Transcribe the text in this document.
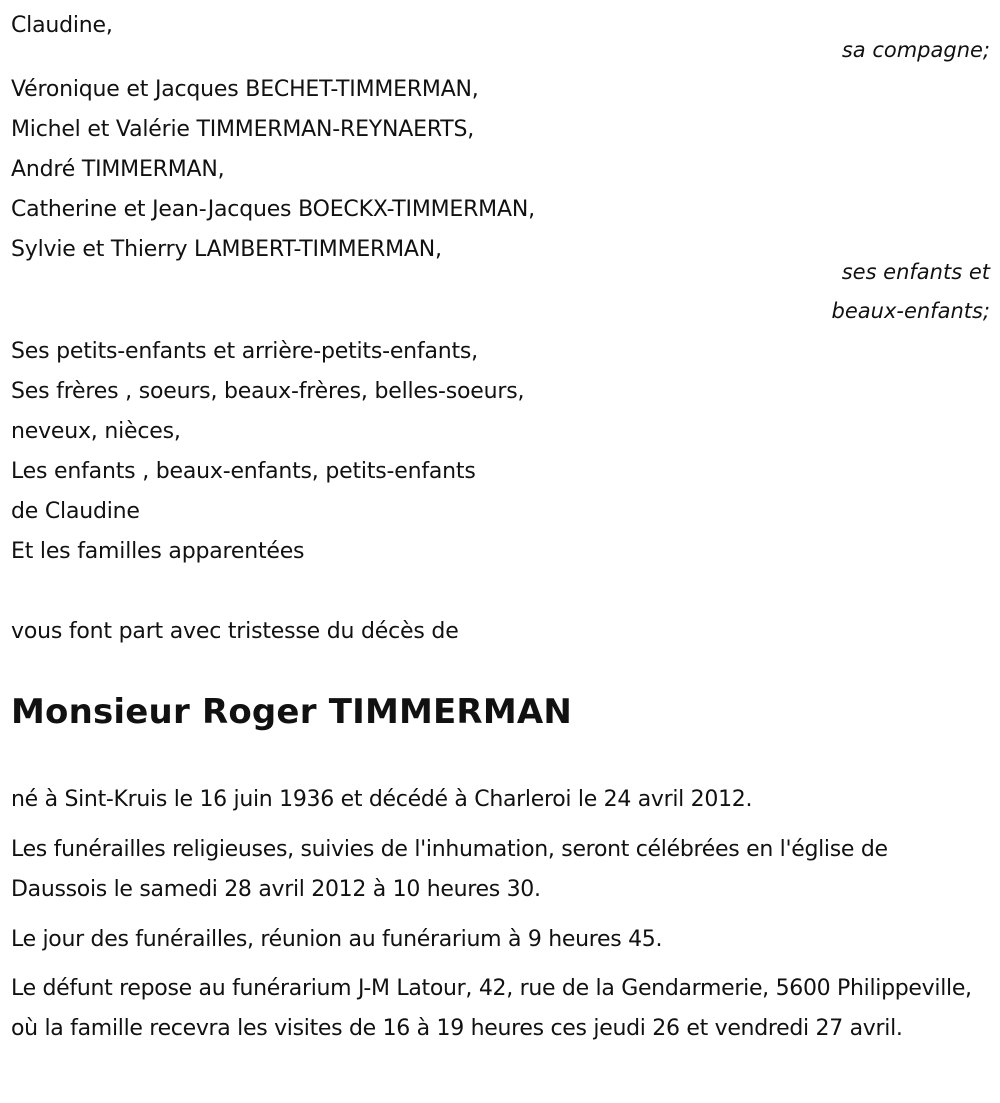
Claudine,
sa compagne;
Véronique et Jacques BECHET-TIMMERMAN,
Michel et Valérie TIMMERMAN-REYNAERTS,
André TIMMERMAN,
Catherine et Jean-Jacques BOECKX-TIMMERMAN,
Sylvie et Thierry LAMBERT-TIMMERMAN,
ses enfants et
beaux-enfants;
Ses petits-enfants et arrière-petits-enfants,
Ses frères , soeurs, beaux-frères, belles-soeurs,
neveux, nièces,
Les enfants , beaux-enfants, petits-enfants
de Claudine
Et les familles apparentées
vous font part avec tristesse du décès de
Monsieur Roger TIMMERMAN
né à Sint-Kruis le 16 juin 1936 et décédé à Charleroi le 24 avril 2012.
Les funérailles religieuses, suivies de l'inhumation, seront célébrées en l'église de Daussois le samedi 28 avril 2012 à 10 heures 30.
Le jour des funérailles, réunion au funérarium à 9 heures 45.
Le défunt repose au funérarium J-M Latour, 42, rue de la Gendarmerie, 5600 Philippeville, où la famille recevra les visites de 16 à 19 heures ces jeudi 26 et vendredi 27 avril.
